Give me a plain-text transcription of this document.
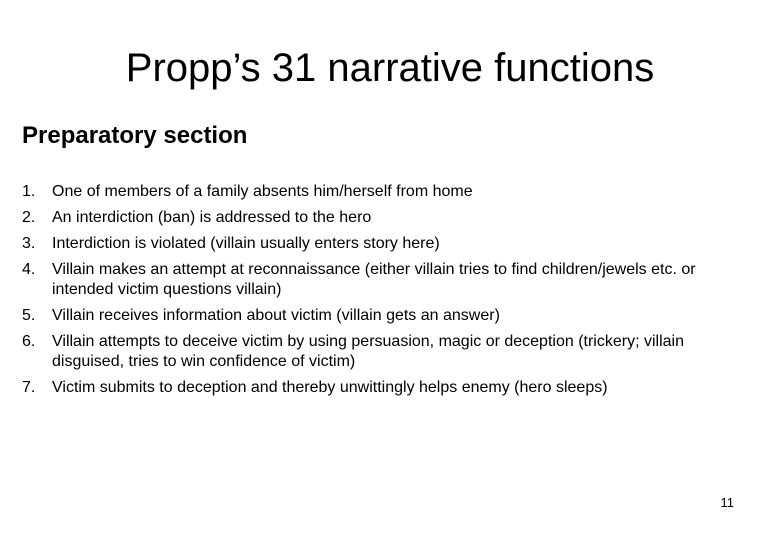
Propp’s 31 narrative functions
Preparatory section
1. One of members of a family absents him/herself from home
2. An interdiction (ban) is addressed to the hero
3. Interdiction is violated (villain usually enters story here)
4. Villain makes an attempt at reconnaissance (either villain tries to find children/jewels etc. or intended victim questions villain)
5. Villain receives information about victim (villain gets an answer)
6. Villain attempts to deceive victim by using persuasion, magic or deception (trickery; villain disguised, tries to win confidence of victim)
7. Victim submits to deception and thereby unwittingly helps enemy (hero sleeps)
11
